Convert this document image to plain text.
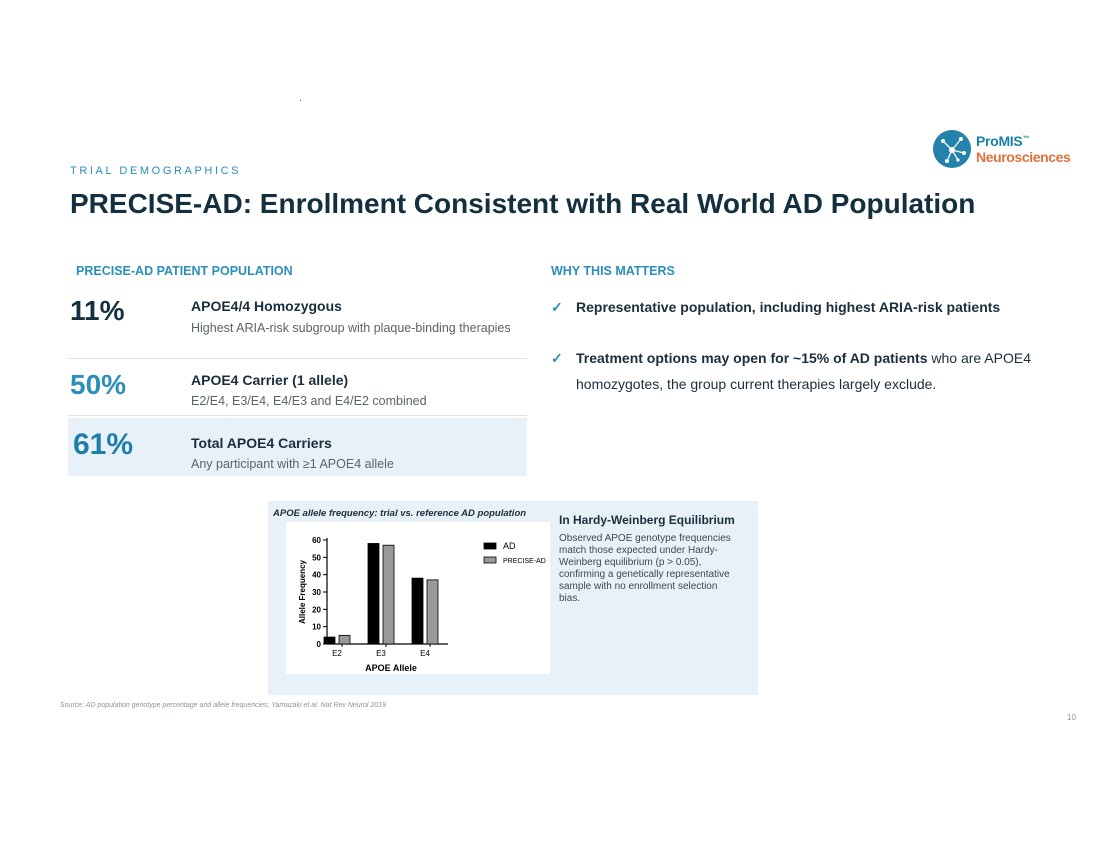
TRIAL DEMOGRAPHICS
PRECISE-AD: Enrollment Consistent with Real World AD Population
ProMIS™
Neurosciences
PRECISE-AD PATIENT POPULATION
11%	APOE4/4 Homozygous
Highest ARIA-risk subgroup with plaque-binding therapies
50%	APOE4 Carrier (1 allele)
E2/E4, E3/E4, E4/E3 and E4/E2 combined
61%	Total APOE4 Carriers
Any participant with ≥1 APOE4 allele
WHY THIS MATTERS
✓ Representative population, including highest ARIA-risk patients
✓ Treatment options may open for ~15% of AD patients who are APOE4 homozygotes, the group current therapies largely exclude.
APOE allele frequency: trial vs. reference AD population
0
10
20
30
40
50
60
Allele Frequency
E2	E3	E4
APOE Allele
AD
PRECISE-AD
In Hardy-Weinberg Equilibrium
Observed APOE genotype frequencies match those expected under Hardy-Weinberg equilibrium (p > 0.05), confirming a genetically representative sample with no enrollment selection bias.
Source: AD population genotype percentage and allele frequencies; Yamazaki et al. Nat Rev Neurol 2019
10
